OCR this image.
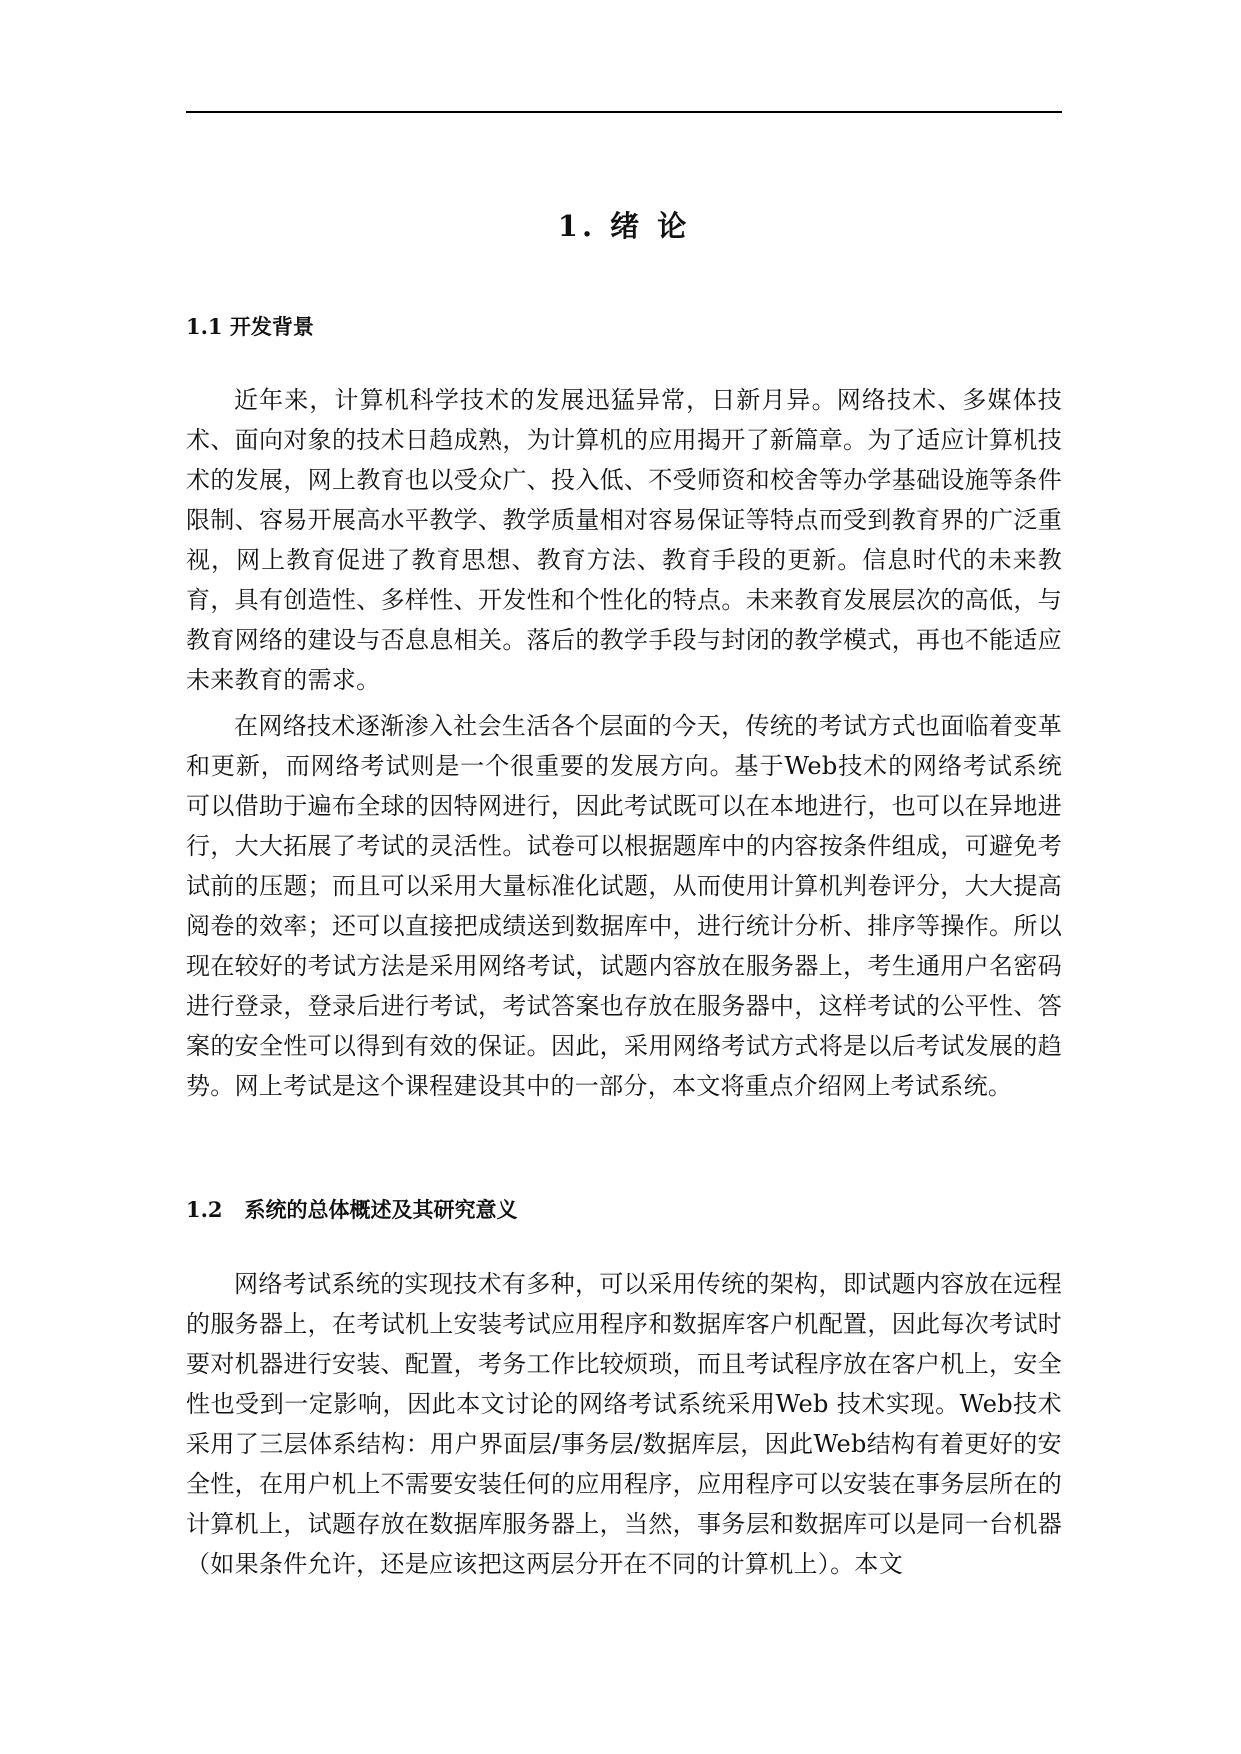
1. 绪 论
1.1 开发背景

近年来，计算机科学技术的发展迅猛异常，日新月异。网络技术、多媒体技术、面向对象的技术日趋成熟，为计算机的应用揭开了新篇章。为了适应计算机技术的发展，网上教育也以受众广、投入低、不受师资和校舍等办学基础设施等条件限制、容易开展高水平教学、教学质量相对容易保证等特点而受到教育界的广泛重视，网上教育促进了教育思想、教育方法、教育手段的更新。信息时代的未来教育，具有创造性、多样性、开发性和个性化的特点。未来教育发展层次的高低，与教育网络的建设与否息息相关。落后的教学手段与封闭的教学模式，再也不能适应未来教育的需求。

在网络技术逐渐渗入社会生活各个层面的今天，传统的考试方式也面临着变革和更新，而网络考试则是一个很重要的发展方向。基于Web技术的网络考试系统可以借助于遍布全球的因特网进行，因此考试既可以在本地进行，也可以在异地进行，大大拓展了考试的灵活性。试卷可以根据题库中的内容按条件组成，可避免考试前的压题；而且可以采用大量标准化试题，从而使用计算机判卷评分，大大提高阅卷的效率；还可以直接把成绩送到数据库中，进行统计分析、排序等操作。所以现在较好的考试方法是采用网络考试，试题内容放在服务器上，考生通用户名密码进行登录，登录后进行考试，考试答案也存放在服务器中，这样考试的公平性、答案的安全性可以得到有效的保证。因此，采用网络考试方式将是以后考试发展的趋势。网上考试是这个课程建设其中的一部分，本文将重点介绍网上考试系统。

1.2   系统的总体概述及其研究意义

网络考试系统的实现技术有多种，可以采用传统的架构，即试题内容放在远程的服务器上，在考试机上安装考试应用程序和数据库客户机配置，因此每次考试时要对机器进行安装、配置，考务工作比较烦琐，而且考试程序放在客户机上，安全性也受到一定影响，因此本文讨论的网络考试系统采用Web 技术实现。Web技术采用了三层体系结构：用户界面层/事务层/数据库层，因此Web结构有着更好的安全性，在用户机上不需要安装任何的应用程序，应用程序可以安装在事务层所在的计算机上，试题存放在数据库服务器上，当然，事务层和数据库可以是同一台机器（如果条件允许，还是应该把这两层分开在不同的计算机上）。本文
